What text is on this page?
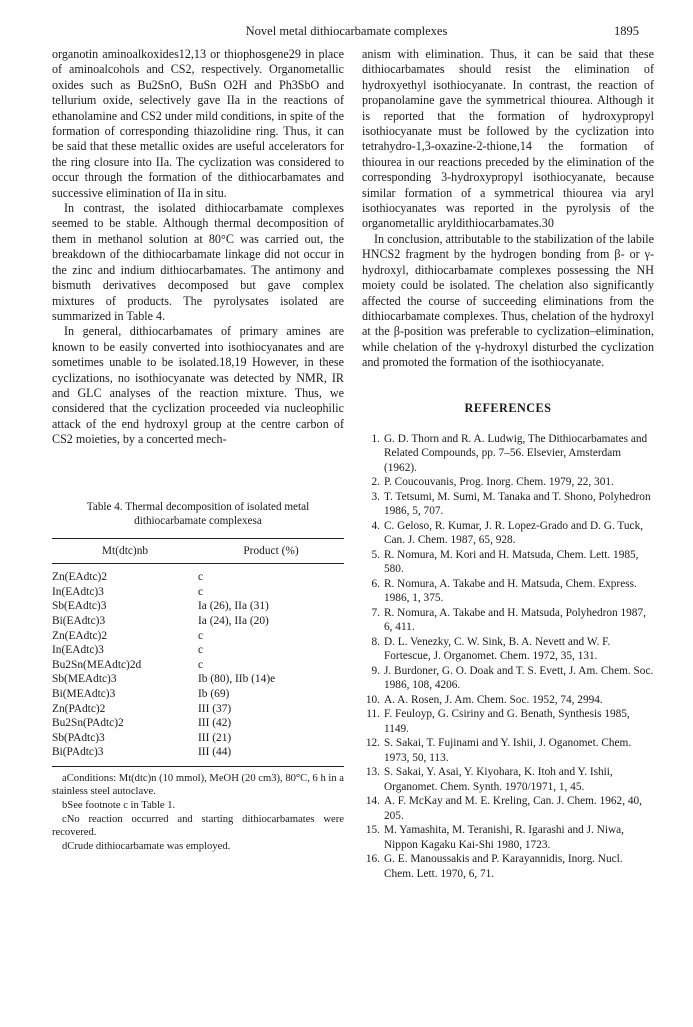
Novel metal dithiocarbamate complexes	1895

organotin aminoalkoxides12,13 or thiophosgene29 in place of aminoalcohols and CS2, respectively. Organometallic oxides such as Bu2SnO, BuSn O2H and Ph3SbO and tellurium oxide, selectively gave IIa in the reactions of ethanolamine and CS2 under mild conditions, in spite of the formation of corresponding thiazolidine ring. Thus, it can be said that these metallic oxides are useful accelerators for the ring closure into IIa. The cyclization was considered to occur through the formation of the dithiocarbamates and successive elimination of IIa in situ.

In contrast, the isolated dithiocarbamate complexes seemed to be stable. Although thermal decomposition of them in methanol solution at 80°C was carried out, the breakdown of the dithiocarbamate linkage did not occur in the zinc and indium dithiocarbamates. The antimony and bismuth derivatives decomposed but gave complex mixtures of products. The pyrolysates isolated are summarized in Table 4.

In general, dithiocarbamates of primary amines are known to be easily converted into isothiocyanates and are sometimes unable to be isolated.18,19 However, in these cyclizations, no isothiocyanate was detected by NMR, IR and GLC analyses of the reaction mixture. Thus, we considered that the cyclization proceeded via nucleophilic attack of the end hydroxyl group at the centre carbon of CS2 moieties, by a concerted mech-

Table 4. Thermal decomposition of isolated metal dithiocarbamate complexesa
Mt(dtc)nb	Product (%)
Zn(EAdtc)2	c
In(EAdtc)3	c
Sb(EAdtc)3	Ia (26), IIa (31)
Bi(EAdtc)3	Ia (24), IIa (20)
Zn(EAdtc)2	c
In(EAdtc)3	c
Bu2Sn(MEAdtc)2d	c
Sb(MEAdtc)3	Ib (80), IIb (14)e
Bi(MEAdtc)3	Ib (69)
Zn(PAdtc)2	III (37)
Bu2Sn(PAdtc)2	III (42)
Sb(PAdtc)3	III (21)
Bi(PAdtc)3	III (44)

aConditions: Mt(dtc)n (10 mmol), MeOH (20 cm3), 80°C, 6 h in a stainless steel autoclave.

bSee footnote c in Table 1.

cNo reaction occurred and starting dithiocarbamates were recovered.

dCrude dithiocarbamate was employed.

anism with elimination. Thus, it can be said that these dithiocarbamates should resist the elimination of hydroxyethyl isothiocyanate. In contrast, the reaction of propanolamine gave the symmetrical thiourea. Although it is reported that the formation of hydroxypropyl isothiocyanate must be followed by the cyclization into tetrahydro-1,3-oxazine-2-thione,14 the formation of thiourea in our reactions preceded by the elimination of the corresponding 3-hydroxypropyl isothiocyanate, because similar formation of a symmetrical thiourea via aryl isothiocyanates was reported in the pyrolysis of the organometallic aryldithiocarbamates.30

In conclusion, attributable to the stabilization of the labile HNCS2 fragment by the hydrogen bonding from β- or γ-hydroxyl, dithiocarbamate complexes possessing the NH moiety could be isolated. The chelation also significantly affected the course of succeeding eliminations from the dithiocarbamate complexes. Thus, chelation of the hydroxyl at the β-position was preferable to cyclization–elimination, while chelation of the γ-hydroxyl disturbed the cyclization and promoted the formation of the isothiocyanate.

REFERENCES
1. G. D. Thorn and R. A. Ludwig, The Dithiocarbamates and Related Compounds, pp. 7–56. Elsevier, Amsterdam (1962).
2. P. Coucouvanis, Prog. Inorg. Chem. 1979, 22, 301.
3. T. Tetsumi, M. Sumi, M. Tanaka and T. Shono, Polyhedron 1986, 5, 707.
4. C. Geloso, R. Kumar, J. R. Lopez-Grado and D. G. Tuck, Can. J. Chem. 1987, 65, 928.
5. R. Nomura, M. Kori and H. Matsuda, Chem. Lett. 1985, 580.
6. R. Nomura, A. Takabe and H. Matsuda, Chem. Express. 1986, 1, 375.
7. R. Nomura, A. Takabe and H. Matsuda, Polyhedron 1987, 6, 411.
8. D. L. Venezky, C. W. Sink, B. A. Nevett and W. F. Fortescue, J. Organomet. Chem. 1972, 35, 131.
9. J. Burdoner, G. O. Doak and T. S. Evett, J. Am. Chem. Soc. 1986, 108, 4206.
10. A. A. Rosen, J. Am. Chem. Soc. 1952, 74, 2994.
11. F. Feuloyp, G. Csiriny and G. Benath, Synthesis 1985, 1149.
12. S. Sakai, T. Fujinami and Y. Ishii, J. Oganomet. Chem. 1973, 50, 113.
13. S. Sakai, Y. Asai, Y. Kiyohara, K. Itoh and Y. Ishii, Organomet. Chem. Synth. 1970/1971, 1, 45.
14. A. F. McKay and M. E. Kreling, Can. J. Chem. 1962, 40, 205.
15. M. Yamashita, M. Teranishi, R. Igarashi and J. Niwa, Nippon Kagaku Kai-Shi 1980, 1723.
16. G. E. Manoussakis and P. Karayannidis, Inorg. Nucl. Chem. Lett. 1970, 6, 71.
